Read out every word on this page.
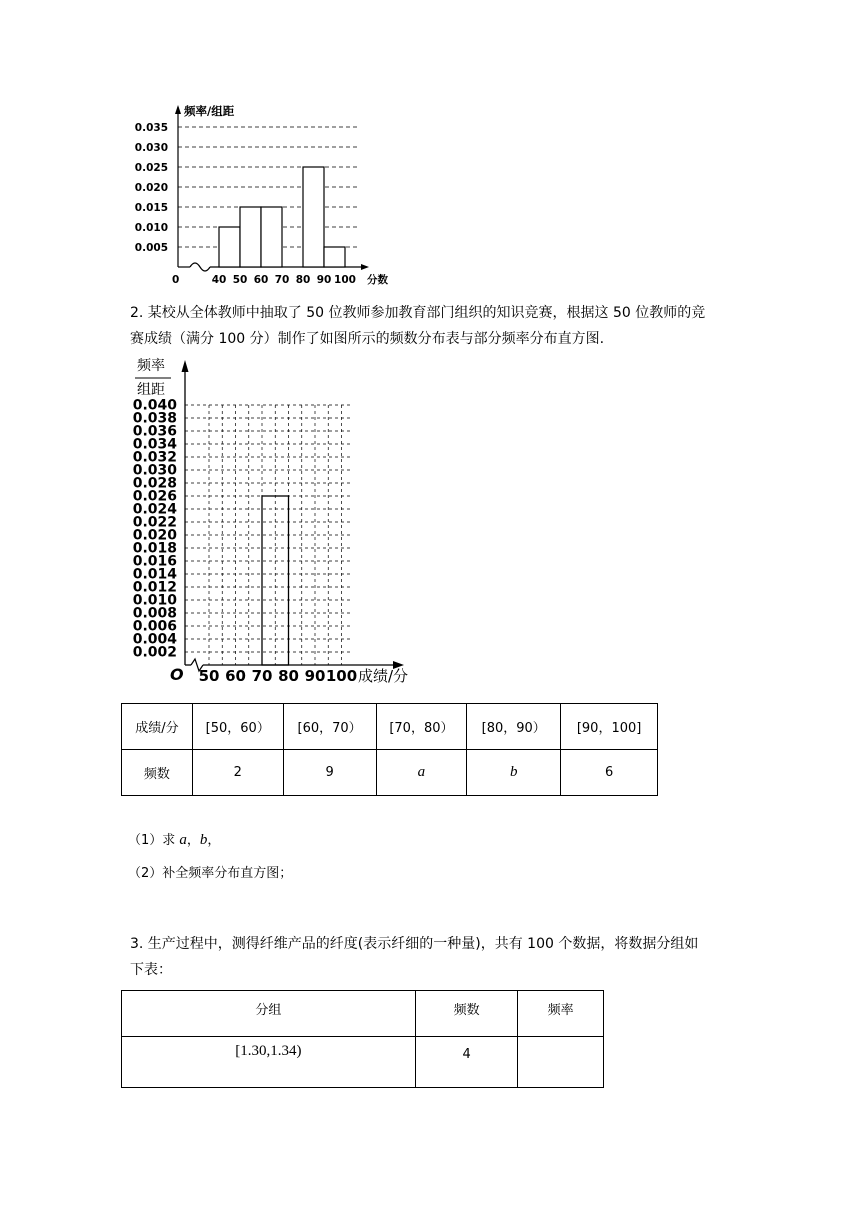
0.035
0.030
0.025
0.020
0.015
0.010
0.005
频率/组距
分数
0	40 50 60 70 80 90 100
2. 某校从全体教师中抽取了 50 位教师参加教育部门组织的知识竞赛，根据这 50 位教师的竞
赛成绩（满分 100 分）制作了如图所示的频数分布表与部分频率分布直方图.
频率
组距
0.040
0.038
0.036
0.034
0.032
0.030
0.028
0.026
0.024
0.022
0.020
0.018
0.016
0.014
0.012
0.010
0.008
0.006
0.004
0.002
O 50 60 70 80 90 100 成绩/分
成绩/分	[50，60）	[60，70）	[70，80）	[80，90）	[90，100]
频数	2	9	a	b	6
（1）求 a，b，
（2）补全频率分布直方图；
3. 生产过程中，测得纤维产品的纤度(表示纤细的一种量)，共有 100 个数据，将数据分组如
下表：
分组	频数	频率
[1.30,1.34)	4	
